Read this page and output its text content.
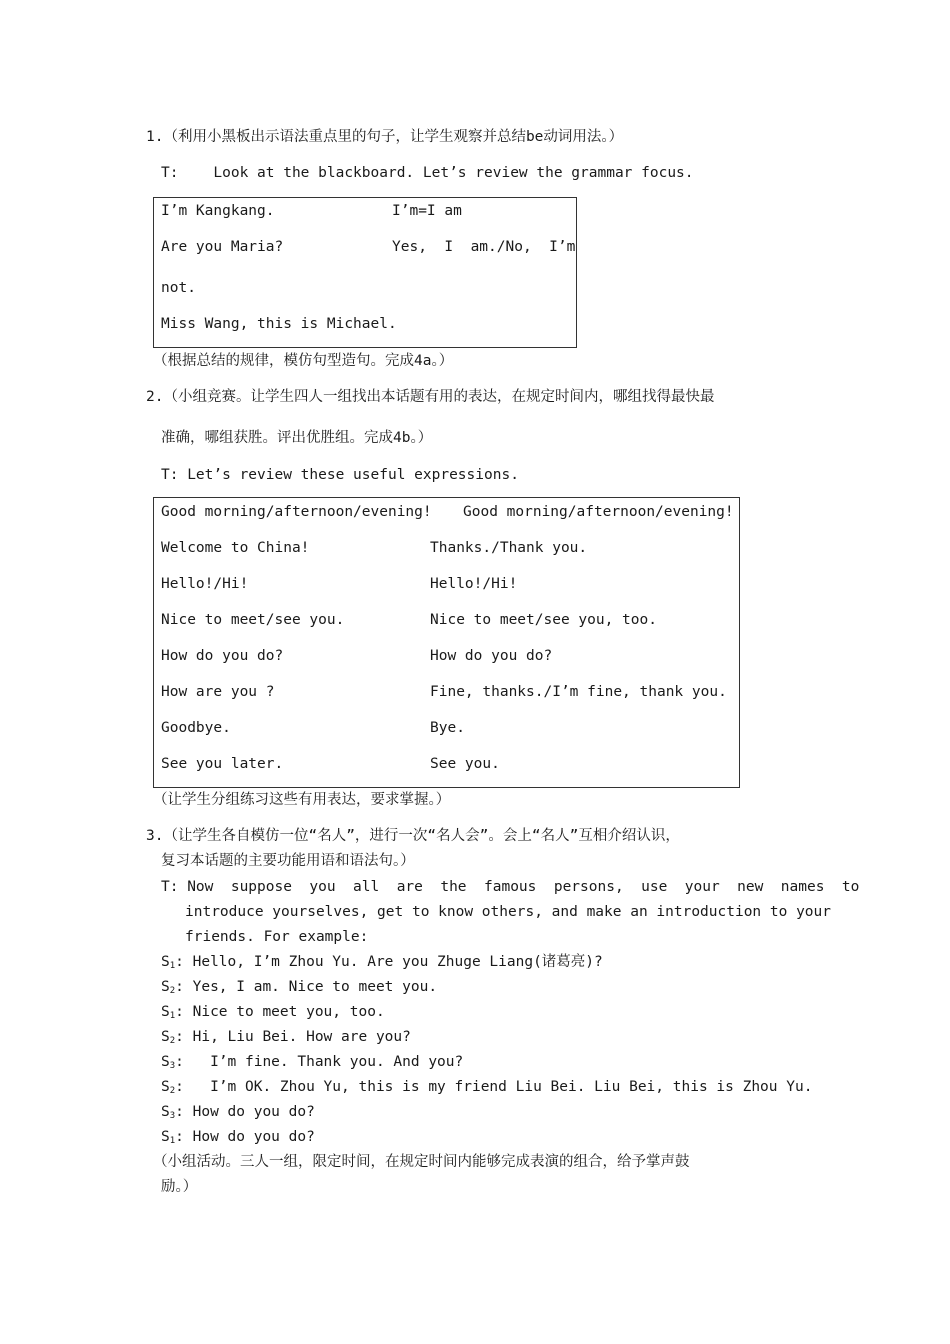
1.（利用小黑板出示语法重点里的句子，让学生观察并总结be动词用法。）
T:    Look at the blackboard. Let’s review the grammar focus.
I’m Kangkang.	I’m=I am
Are you Maria?	Yes,  I  am./No,  I’m
not.
Miss Wang, this is Michael.
（根据总结的规律，模仿句型造句。完成4a。）
2.（小组竞赛。让学生四人一组找出本话题有用的表达，在规定时间内，哪组找得最快最
准确，哪组获胜。评出优胜组。完成4b。）
T: Let’s review these useful expressions.
Good morning/afternoon/evening! Good morning/afternoon/evening!
Welcome to China!	Thanks./Thank you.
Hello!/Hi!	Hello!/Hi!
Nice to meet/see you.	Nice to meet/see you, too.
How do you do?	How do you do?
How are you ?	Fine, thanks./I’m fine, thank you.
Goodbye.	Bye.
See you later.	See you.
（让学生分组练习这些有用表达，要求掌握。）
3.（让学生各自模仿一位“名人”，进行一次“名人会”。会上“名人”互相介绍认识，
复习本话题的主要功能用语和语法句。）
T: Now  suppose  you  all  are  the  famous  persons,  use  your  new  names  to
introduce yourselves, get to know others, and make an introduction to your
friends. For example:
$S_1$: Hello, I’m Zhou Yu. Are you Zhuge Liang(诸葛亮)?
$S_2$: Yes, I am. Nice to meet you.
$S_1$: Nice to meet you, too.
$S_2$: Hi, Liu Bei. How are you?
$S_3$:   I’m fine. Thank you. And you?
$S_2$:   I’m OK. Zhou Yu, this is my friend Liu Bei. Liu Bei, this is Zhou Yu.
$S_3$: How do you do?
$S_1$: How do you do?
（小组活动。三人一组，限定时间，在规定时间内能够完成表演的组合，给予掌声鼓
励。）
